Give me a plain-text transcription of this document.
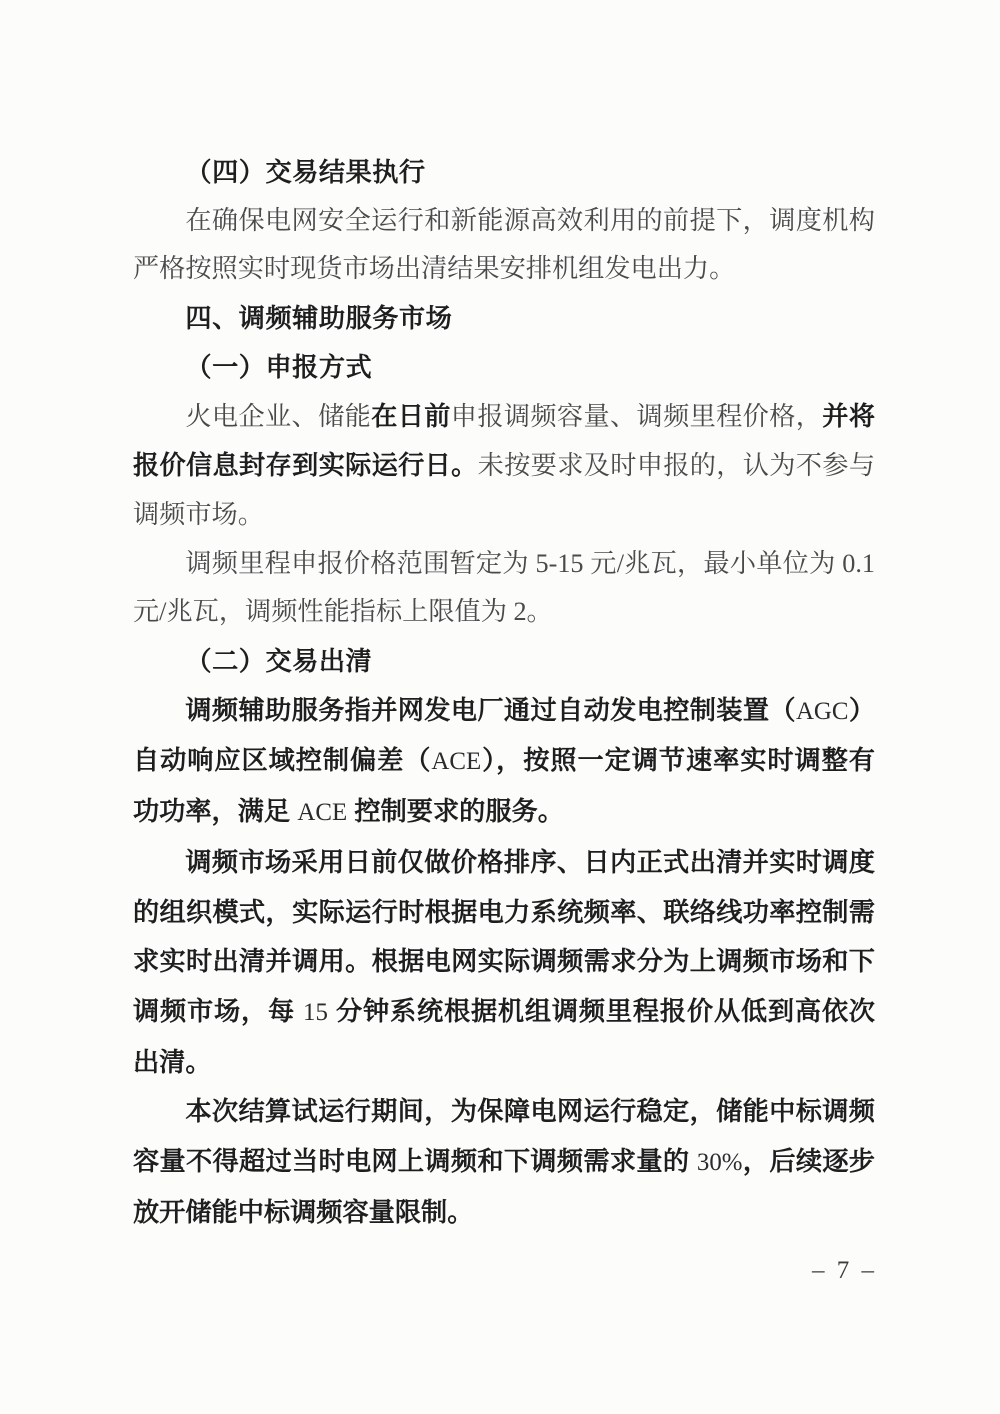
（四）交易结果执行

在确保电网安全运行和新能源高效利用的前提下，调度机构严格按照实时现货市场出清结果安排机组发电出力。

四、调频辅助服务市场
（一）申报方式

火电企业、储能在日前申报调频容量、调频里程价格，并将报价信息封存到实际运行日。未按要求及时申报的，认为不参与调频市场。

调频里程申报价格范围暂定为 5-15 元/兆瓦，最小单位为 0.1 元/兆瓦，调频性能指标上限值为 2。

（二）交易出清

调频辅助服务指并网发电厂通过自动发电控制装置（AGC）自动响应区域控制偏差（ACE），按照一定调节速率实时调整有功功率，满足 ACE 控制要求的服务。

调频市场采用日前仅做价格排序、日内正式出清并实时调度的组织模式，实际运行时根据电力系统频率、联络线功率控制需求实时出清并调用。根据电网实际调频需求分为上调频市场和下调频市场，每 15 分钟系统根据机组调频里程报价从低到高依次出清。

本次结算试运行期间，为保障电网运行稳定，储能中标调频容量不得超过当时电网上调频和下调频需求量的 30%，后续逐步放开储能中标调频容量限制。

– 7 –
